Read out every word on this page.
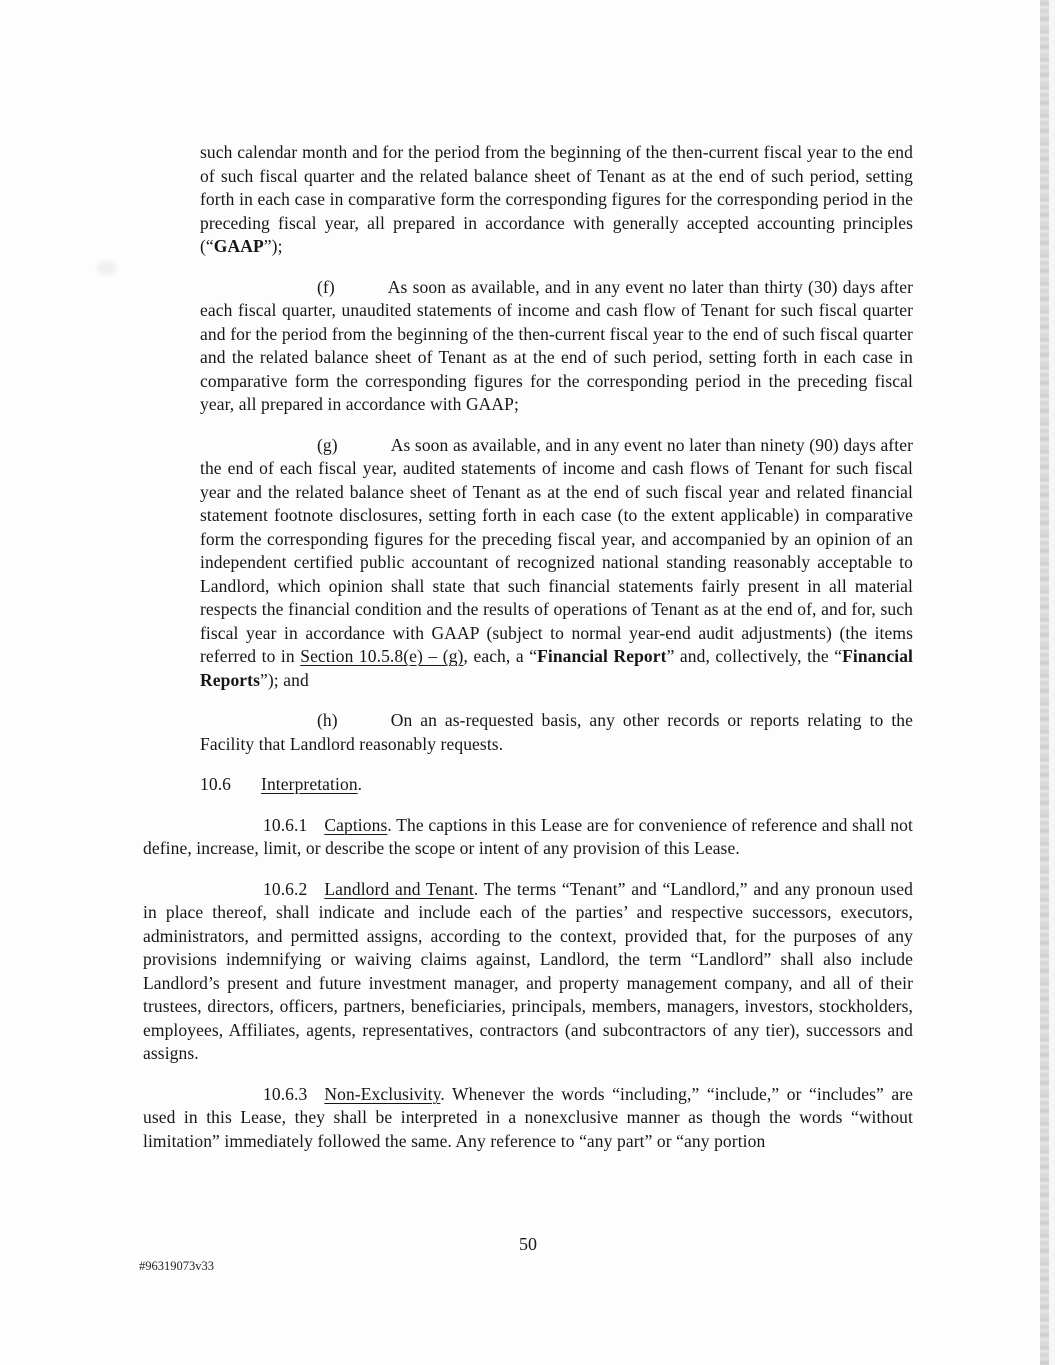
such calendar month and for the period from the beginning of the then-current fiscal year to the end of such fiscal quarter and the related balance sheet of Tenant as at the end of such period, setting forth in each case in comparative form the corresponding figures for the corresponding period in the preceding fiscal year, all prepared in accordance with generally accepted accounting principles (“GAAP”);

(f)	As soon as available, and in any event no later than thirty (30) days after each fiscal quarter, unaudited statements of income and cash flow of Tenant for such fiscal quarter and for the period from the beginning of the then-current fiscal year to the end of such fiscal quarter and the related balance sheet of Tenant as at the end of such period, setting forth in each case in comparative form the corresponding figures for the corresponding period in the preceding fiscal year, all prepared in accordance with GAAP;

(g)	As soon as available, and in any event no later than ninety (90) days after the end of each fiscal year, audited statements of income and cash flows of Tenant for such fiscal year and the related balance sheet of Tenant as at the end of such fiscal year and related financial statement footnote disclosures, setting forth in each case (to the extent applicable) in comparative form the corresponding figures for the preceding fiscal year, and accompanied by an opinion of an independent certified public accountant of recognized national standing reasonably acceptable to Landlord, which opinion shall state that such financial statements fairly present in all material respects the financial condition and the results of operations of Tenant as at the end of, and for, such fiscal year in accordance with GAAP (subject to normal year-end audit adjustments) (the items referred to in Section 10.5.8(e) – (g), each, a “Financial Report” and, collectively, the “Financial Reports”); and

(h)	On an as-requested basis, any other records or reports relating to the Facility that Landlord reasonably requests.

10.6 Interpretation.

10.6.1 Captions. The captions in this Lease are for convenience of reference and shall not define, increase, limit, or describe the scope or intent of any provision of this Lease.

10.6.2 Landlord and Tenant. The terms “Tenant” and “Landlord,” and any pronoun used in place thereof, shall indicate and include each of the parties’ and respective successors, executors, administrators, and permitted assigns, according to the context, provided that, for the purposes of any provisions indemnifying or waiving claims against, Landlord, the term “Landlord” shall also include Landlord’s present and future investment manager, and property management company, and all of their trustees, directors, officers, partners, beneficiaries, principals, members, managers, investors, stockholders, employees, Affiliates, agents, representatives, contractors (and subcontractors of any tier), successors and assigns.

10.6.3 Non-Exclusivity. Whenever the words “including,” “include,” or “includes” are used in this Lease, they shall be interpreted in a nonexclusive manner as though the words “without limitation” immediately followed the same. Any reference to “any part” or “any portion

50
#96319073v33
